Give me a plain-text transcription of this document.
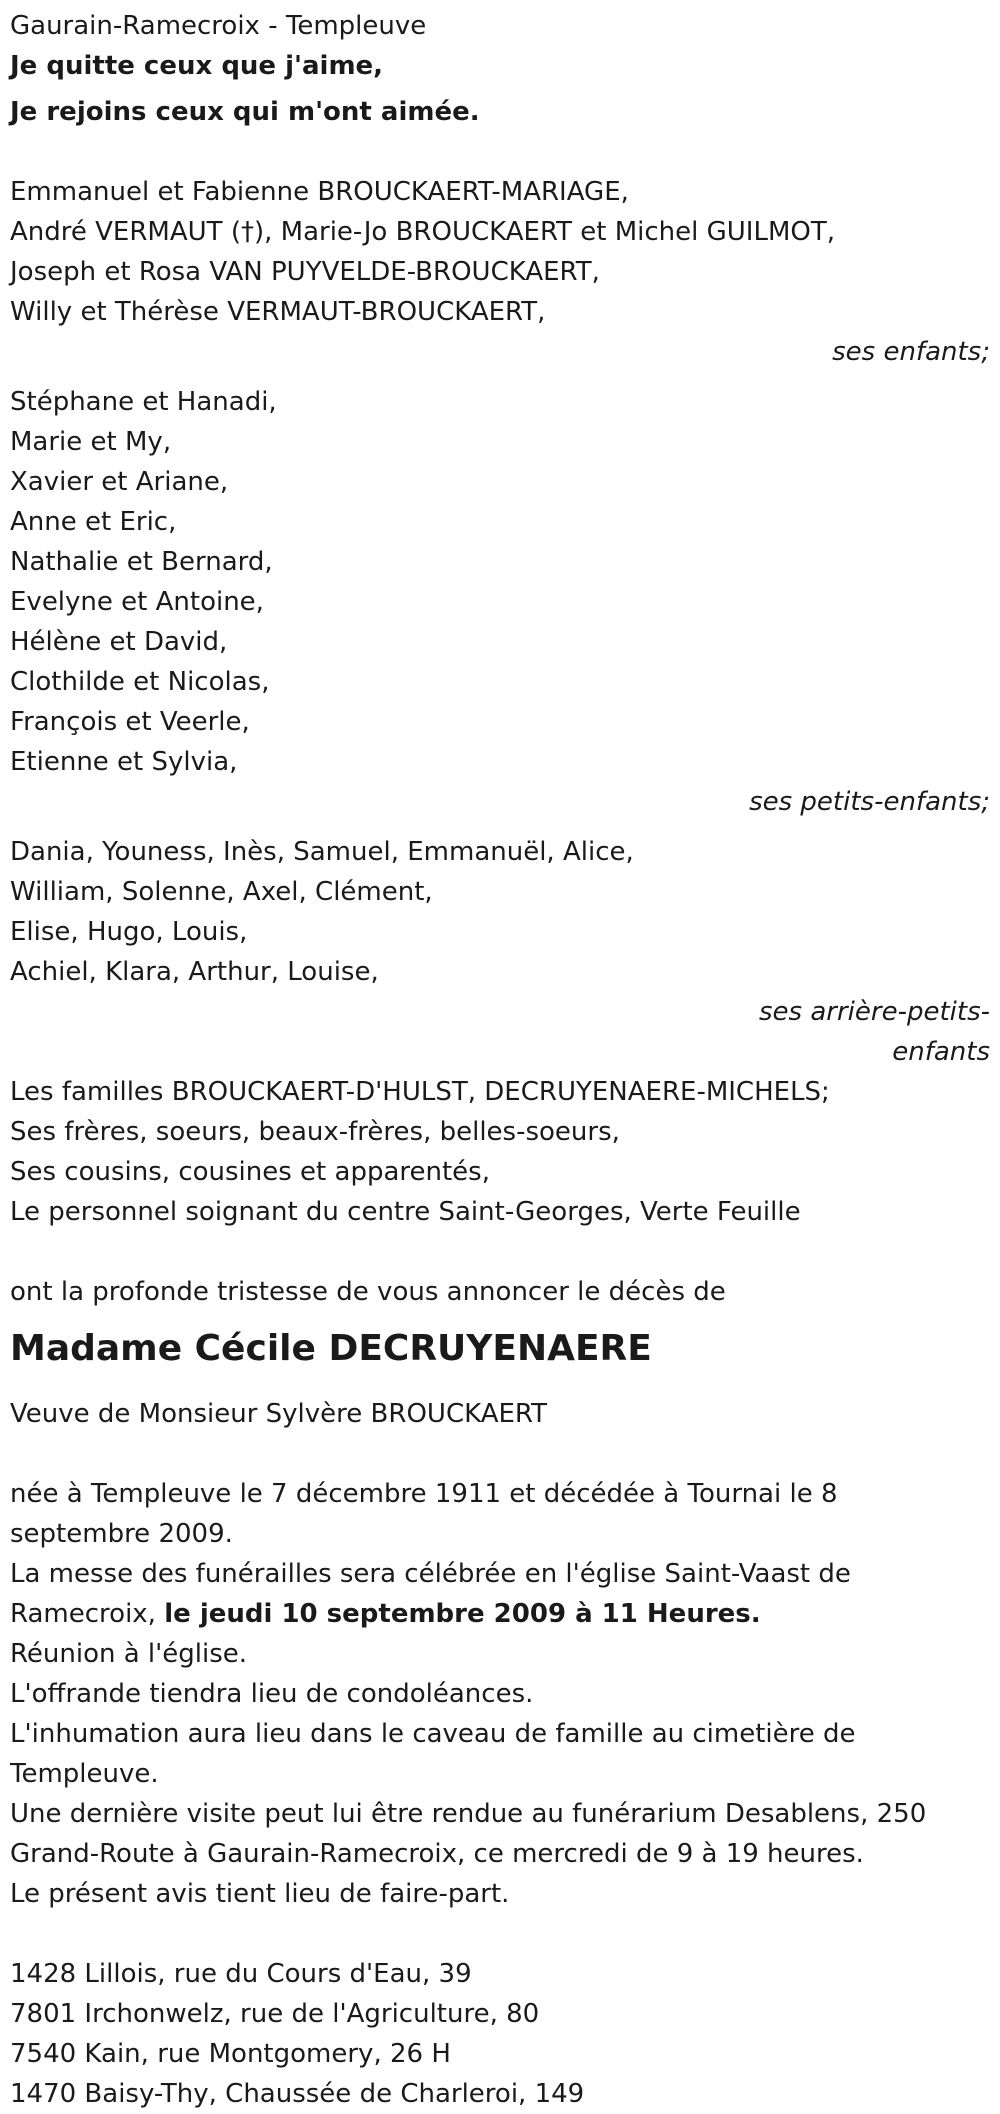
Gaurain-Ramecroix - Templeuve
Je quitte ceux que j'aime,
Je rejoins ceux qui m'ont aimée.
Emmanuel et Fabienne BROUCKAERT-MARIAGE,
André VERMAUT (†), Marie-Jo BROUCKAERT et Michel GUILMOT,
Joseph et Rosa VAN PUYVELDE-BROUCKAERT,
Willy et Thérèse VERMAUT-BROUCKAERT,
ses enfants;
Stéphane et Hanadi,
Marie et My,
Xavier et Ariane,
Anne et Eric,
Nathalie et Bernard,
Evelyne et Antoine,
Hélène et David,
Clothilde et Nicolas,
François et Veerle,
Etienne et Sylvia,
ses petits-enfants;
Dania, Youness, Inès, Samuel, Emmanuël, Alice,
William, Solenne, Axel, Clément,
Elise, Hugo, Louis,
Achiel, Klara, Arthur, Louise,
ses arrière-petits-
enfants
Les familles BROUCKAERT-D'HULST, DECRUYENAERE-MICHELS;
Ses frères, soeurs, beaux-frères, belles-soeurs,
Ses cousins, cousines et apparentés,
Le personnel soignant du centre Saint-Georges, Verte Feuille
ont la profonde tristesse de vous annoncer le décès de
Madame Cécile DECRUYENAERE
Veuve de Monsieur Sylvère BROUCKAERT
née à Templeuve le 7 décembre 1911 et décédée à Tournai le 8 septembre 2009.
La messe des funérailles sera célébrée en l'église Saint-Vaast de Ramecroix, le jeudi 10 septembre 2009 à 11 Heures.
Réunion à l'église.
L'offrande tiendra lieu de condoléances.
L'inhumation aura lieu dans le caveau de famille au cimetière de Templeuve.
Une dernière visite peut lui être rendue au funérarium Desablens, 250 Grand-Route à Gaurain-Ramecroix, ce mercredi de 9 à 19 heures.
Le présent avis tient lieu de faire-part.
1428 Lillois, rue du Cours d'Eau, 39
7801 Irchonwelz, rue de l'Agriculture, 80
7540 Kain, rue Montgomery, 26 H
1470 Baisy-Thy, Chaussée de Charleroi, 149
